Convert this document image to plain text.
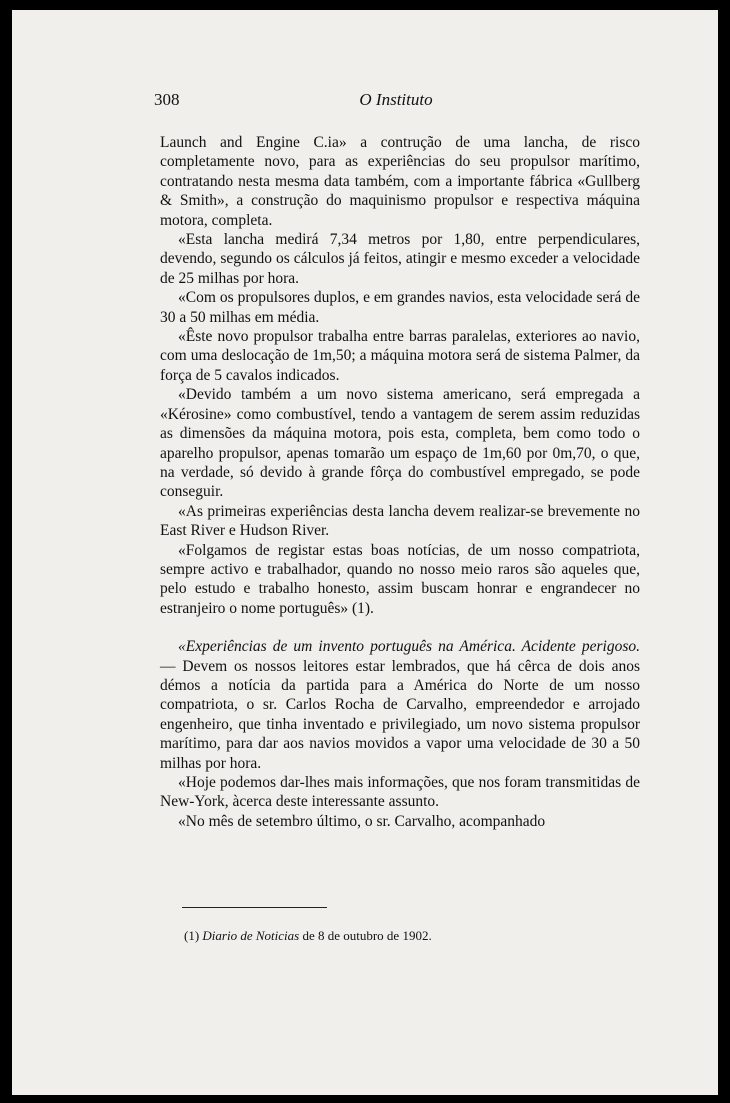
308	O Instituto

Launch and Engine C.ia» a contrução de uma lancha, de risco completamente novo, para as experiências do seu propulsor marítimo, contratando nesta mesma data também, com a importante fábrica «Gullberg & Smith», a construção do maquinismo propulsor e respectiva máquina motora, completa.

«Esta lancha medirá 7,34 metros por 1,80, entre perpendiculares, devendo, segundo os cálculos já feitos, atingir e mesmo exceder a velocidade de 25 milhas por hora.

«Com os propulsores duplos, e em grandes navios, esta velocidade será de 30 a 50 milhas em média.

«Êste novo propulsor trabalha entre barras paralelas, exteriores ao navio, com uma deslocação de 1m,50; a máquina motora será de sistema Palmer, da força de 5 cavalos indicados.

«Devido também a um novo sistema americano, será empregada a «Kérosine» como combustível, tendo a vantagem de serem assim reduzidas as dimensões da máquina motora, pois esta, completa, bem como todo o aparelho propulsor, apenas tomarão um espaço de 1m,60 por 0m,70, o que, na verdade, só devido à grande fôrça do combustível empregado, se pode conseguir.

«As primeiras experiências desta lancha devem realizar-se brevemente no East River e Hudson River.

«Folgamos de registar estas boas notícias, de um nosso compatriota, sempre activo e trabalhador, quando no nosso meio raros são aqueles que, pelo estudo e trabalho honesto, assim buscam honrar e engrandecer no estranjeiro o nome português» (1).

«Experiências de um invento português na América. Acidente perigoso. — Devem os nossos leitores estar lembrados, que há cêrca de dois anos démos a notícia da partida para a América do Norte de um nosso compatriota, o sr. Carlos Rocha de Carvalho, empreendedor e arrojado engenheiro, que tinha inventado e privilegiado, um novo sistema propulsor marítimo, para dar aos navios movidos a vapor uma velocidade de 30 a 50 milhas por hora.

«Hoje podemos dar-lhes mais informações, que nos foram transmitidas de New-York, àcerca deste interessante assunto.

«No mês de setembro último, o sr. Carvalho, acompanhado

(1) Diario de Noticias de 8 de outubro de 1902.
